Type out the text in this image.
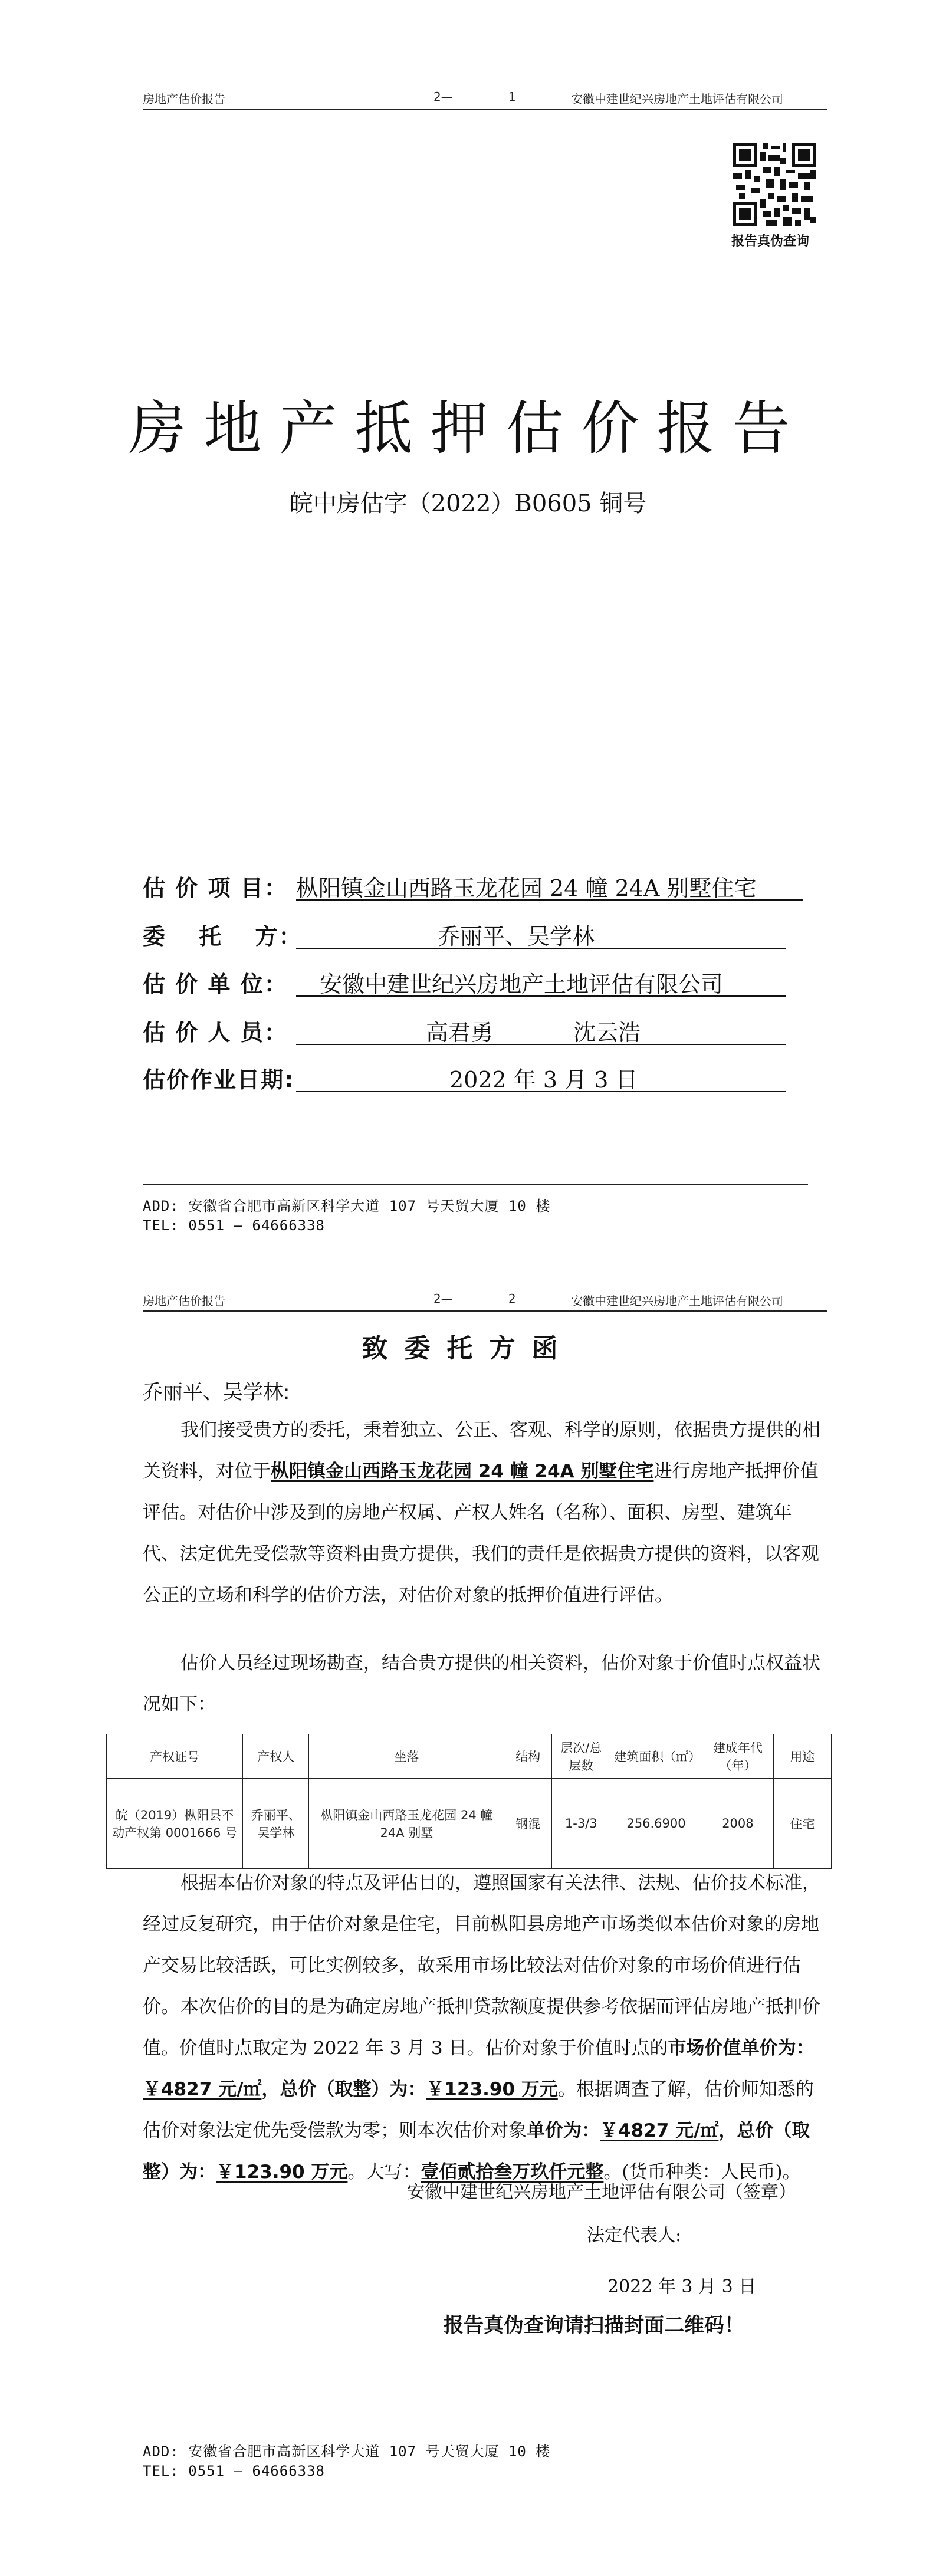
房地产估价报告	2—	1	安徽中建世纪兴房地产土地评估有限公司
报告真伪查询
房地产抵押估价报告
皖中房估字（2022）B0605 铜号
估 价 项 目： 枞阳镇金山西路玉龙花园 24 幢 24A 别墅住宅
委　 托　 方：	乔丽平、吴学林
估 价 单 位： 安徽中建世纪兴房地产土地评估有限公司
估 价 人 员：	高君勇	沈云浩
估价作业日期:	2022 年 3 月 3 日
ADD: 安徽省合肥市高新区科学大道 107 号天贸大厦 10 楼
TEL: 0551 — 64666338
房地产估价报告	2—	2	安徽中建世纪兴房地产土地评估有限公司
致委托方函
乔丽平、吴学林:
我们接受贵方的委托，秉着独立、公正、客观、科学的原则，依据贵方提供的相关资料，对位于枞阳镇金山西路玉龙花园 24 幢 24A 别墅住宅进行房地产抵押价值评估。对估价中涉及到的房地产权属、产权人姓名（名称）、面积、房型、建筑年代、法定优先受偿款等资料由贵方提供，我们的责任是依据贵方提供的资料，以客观公正的立场和科学的估价方法，对估价对象的抵押价值进行评估。
估价人员经过现场勘查，结合贵方提供的相关资料，估价对象于价值时点权益状况如下：
产权证号	产权人	坐落	结构	层次/总层数	建筑面积（㎡）	建成年代（年）	用途
皖（2019）枞阳县不动产权第 0001666 号	乔丽平、吴学林	枞阳镇金山西路玉龙花园 24 幢 24A 别墅	钢混	1-3/3	256.6900	2008	住宅
根据本估价对象的特点及评估目的，遵照国家有关法律、法规、估价技术标准，经过反复研究，由于估价对象是住宅，目前枞阳县房地产市场类似本估价对象的房地产交易比较活跃，可比实例较多，故采用市场比较法对估价对象的市场价值进行估价。 本次估价的目的是为确定房地产抵押贷款额度提供参考依据而评估房地产抵押价值。价值时点取定为 2022 年 3 月 3 日。估价对象于价值时点的市场价值单价为：￥4827 元/㎡，总价（取整）为：￥123.90 万元。根据调查了解，估价师知悉的估价对象法定优先受偿款为零；则本次估价对象单价为：￥4827 元/㎡，总价（取整）为：￥123.90 万元。大写：壹佰贰拾叁万玖仟元整。(货币种类：人民币)。
安徽中建世纪兴房地产土地评估有限公司（签章）
法定代表人:
2022 年 3 月 3 日
报告真伪查询请扫描封面二维码！
ADD: 安徽省合肥市高新区科学大道 107 号天贸大厦 10 楼
TEL: 0551 — 64666338
